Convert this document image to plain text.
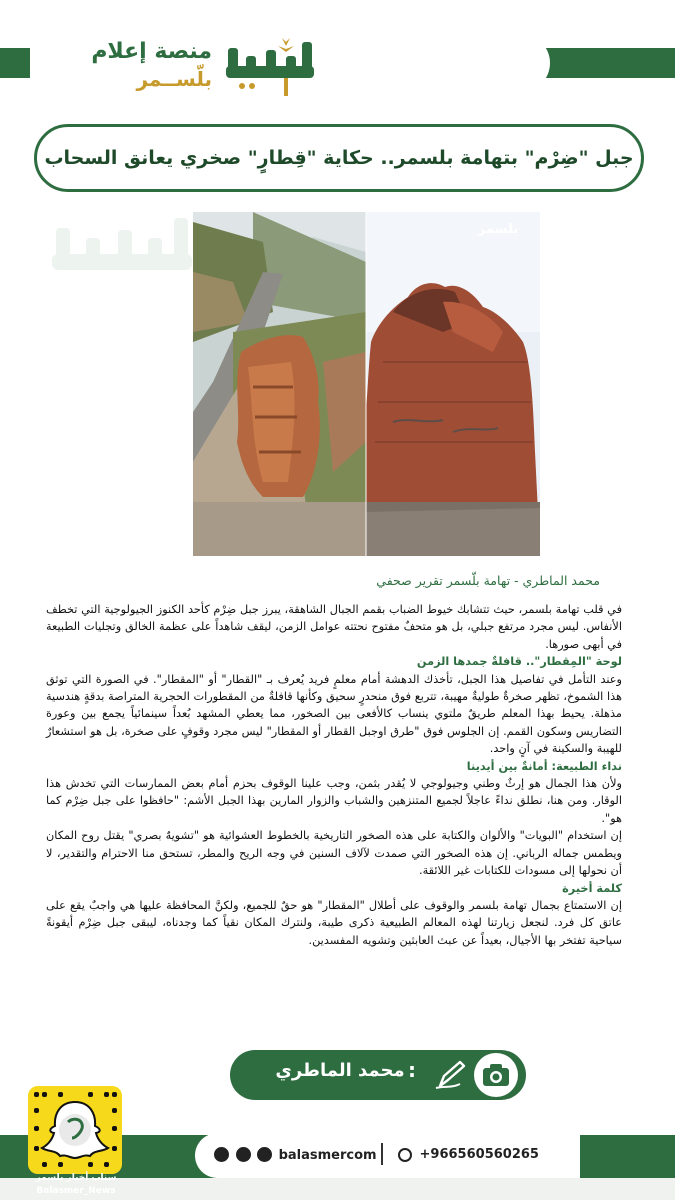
منصة إعلام
بلّســمر
جبل "ضِرْم" بتهامة بلسمر.. حكاية "قِطارٍ" صخري يعانق السحاب
بلسمر
محمد الماطري - تهامة بلّسمر تقرير صحفي

في قلب تهامة بلسمر، حيث تتشابك خيوط الضباب بقمم الجبال الشاهقة، يبرز جبل ضِرْم كأحد الكنوز الجيولوجية التي تخطف الأنفاس. ليس مجرد مرتفع جبلي، بل هو متحفٌ مفتوح نحتته عوامل الزمن، ليقف شاهداً على عظمة الخالق وتجليات الطبيعة في أبهى صورها.

لوحة "المِقطار".. قافلةٌ جمدها الزمن

وعند التأمل في تفاصيل هذا الجبل، تأخذك الدهشة أمام معلمٍ فريد يُعرف بـ "القطار" أو "المقطار". في الصورة التي توثق هذا الشموخ، تظهر صخرةٌ طوليةٌ مهيبة، تتربع فوق منحدرٍ سحيق وكأنها قافلةٌ من المقطورات الحجرية المتراصة بدقةٍ هندسية مذهلة. يحيط بهذا المعلم طريقٌ ملتوي ينساب كالأفعى بين الصخور، مما يعطي المشهد بُعداً سينمائياً يجمع بين وعورة التضاريس وسكون القمم. إن الجلوس فوق "طرق اوجبل القطار أو المقطار" ليس مجرد وقوفٍ على صخرة، بل هو استشعارٌ للهيبة والسكينة في آنٍ واحد.

نداء الطبيعة: أمانةٌ بين أيدينا

ولأن هذا الجمال هو إرثٌ وطني وجيولوجي لا يُقدر بثمن، وجب علينا الوقوف بحزم أمام بعض الممارسات التي تخدش هذا الوقار. ومن هنا، نطلق نداءً عاجلاً لجميع المتنزهين والشباب والزوار المارين بهذا الجبل الأشم: "حافظوا على جبل ضِرْم كما هو".

إن استخدام "البويات" والألوان والكتابة على هذه الصخور التاريخية بالخطوط العشوائية هو "تشويهٌ بصري" يقتل روح المكان ويطمس جماله الرباني. إن هذه الصخور التي صمدت لآلاف السنين في وجه الريح والمطر، تستحق منا الاحترام والتقدير، لا أن نحولها إلى مسودات للكتابات غير اللائقة.

كلمة أخيرة

إن الاستمتاع بجمال تهامة بلسمر والوقوف على أطلال "المقطار" هو حقٌ للجميع، ولكنَّ المحافظة عليها هي واجبٌ يقع على عاتق كل فرد. لنجعل زيارتنا لهذه المعالم الطبيعية ذكرى طيبة، ولنترك المكان نقياً كما وجدناه، ليبقى جبل ضِرْم أيقونةً سياحية تفتخر بها الأجيال، بعيداً عن عبث العابثين وتشويه المفسدين.

محمد الماطري :
balasmercom	+966560560265
سناب أخبار بلسمر
Balasmer_News
